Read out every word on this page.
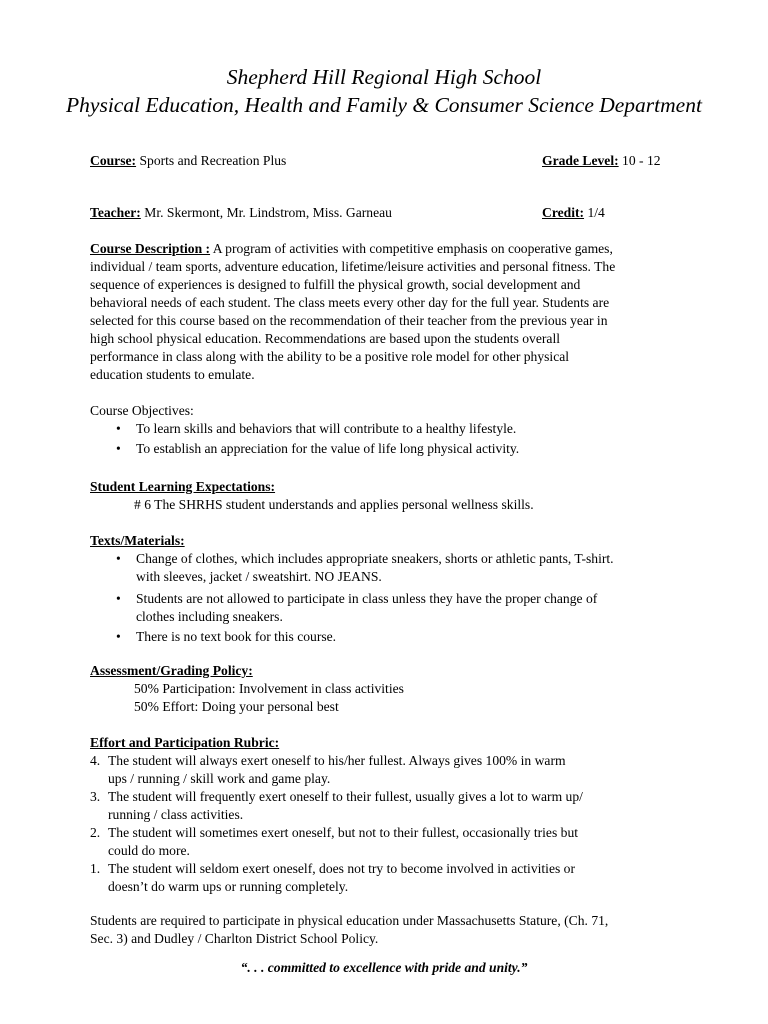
Shepherd Hill Regional High School
Physical Education, Health and Family & Consumer Science Department
Course: Sports and Recreation Plus	Grade Level: 10 - 12
Teacher: Mr. Skermont, Mr. Lindstrom, Miss. Garneau	Credit: 1/4

Course Description : A program of activities with competitive emphasis on cooperative games,

individual / team sports, adventure education, lifetime/leisure activities and personal fitness. The

sequence of experiences is designed to fulfill the physical growth, social development and

behavioral needs of each student. The class meets every other day for the full year. Students are

selected for this course based on the recommendation of their teacher from the previous year in

high school physical education. Recommendations are based upon the students overall

performance in class along with the ability to be a positive role model for other physical

education students to emulate.

Course Objectives:
• To learn skills and behaviors that will contribute to a healthy lifestyle.
• To establish an appreciation for the value of life long physical activity.
Student Learning Expectations:
# 6 The SHRHS student understands and applies personal wellness skills.
Texts/Materials:
• Change of clothes, which includes appropriate sneakers, shorts or athletic pants, T-shirt.
with sleeves, jacket / sweatshirt. NO JEANS.
• Students are not allowed to participate in class unless they have the proper change of
clothes including sneakers.
• There is no text book for this course.
Assessment/Grading Policy:
50% Participation: Involvement in class activities
50% Effort: Doing your personal best
Effort and Participation Rubric:
4. The student will always exert oneself to his/her fullest. Always gives 100% in warm
ups / running / skill work and game play.
3. The student will frequently exert oneself to their fullest, usually gives a lot to warm up/
running / class activities.
2. The student will sometimes exert oneself, but not to their fullest, occasionally tries but
could do more.
1. The student will seldom exert oneself, does not try to become involved in activities or
doesn’t do warm ups or running completely.
Students are required to participate in physical education under Massachusetts Stature, (Ch. 71,
Sec. 3) and Dudley / Charlton District School Policy.
“. . . committed to excellence with pride and unity.”
